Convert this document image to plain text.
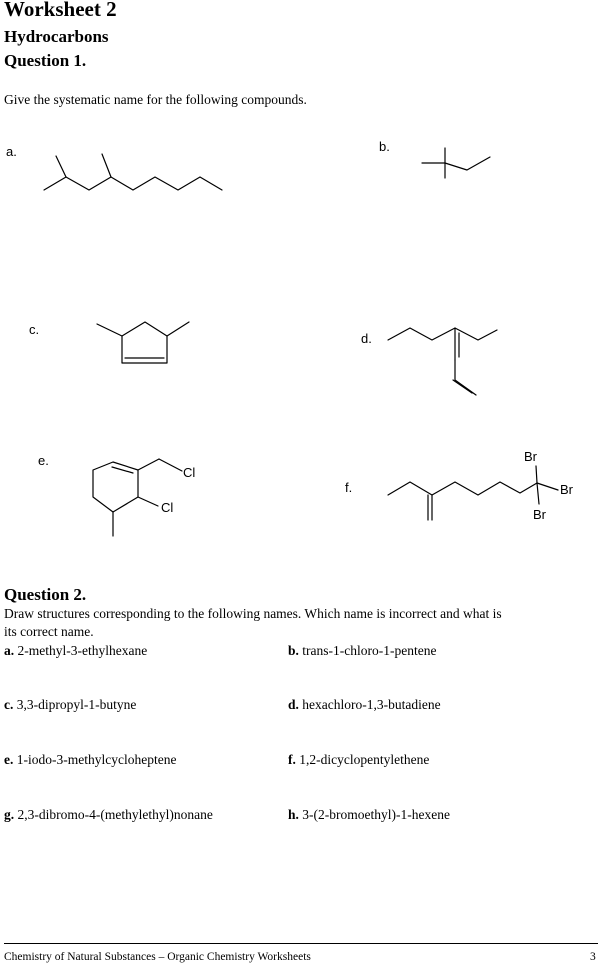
Worksheet 2
Hydrocarbons
Question 1.
Give the systematic name for the following compounds.
a.	b.
c.
d.
e.
f.
Cl
Cl
Br
Br
Br
Question 2.
Draw structures corresponding to the following names. Which name is incorrect and what is
its correct name.
a. 2-methyl-3-ethylhexane	b. trans-1-chloro-1-pentene
c. 3,3-dipropyl-1-butyne	d. hexachloro-1,3-butadiene
e. 1-iodo-3-methylcycloheptene	f. 1,2-dicyclopentylethene
g. 2,3-dibromo-4-(methylethyl)nonane	h. 3-(2-bromoethyl)-1-hexene
Chemistry of Natural Substances – Organic Chemistry Worksheets	3
